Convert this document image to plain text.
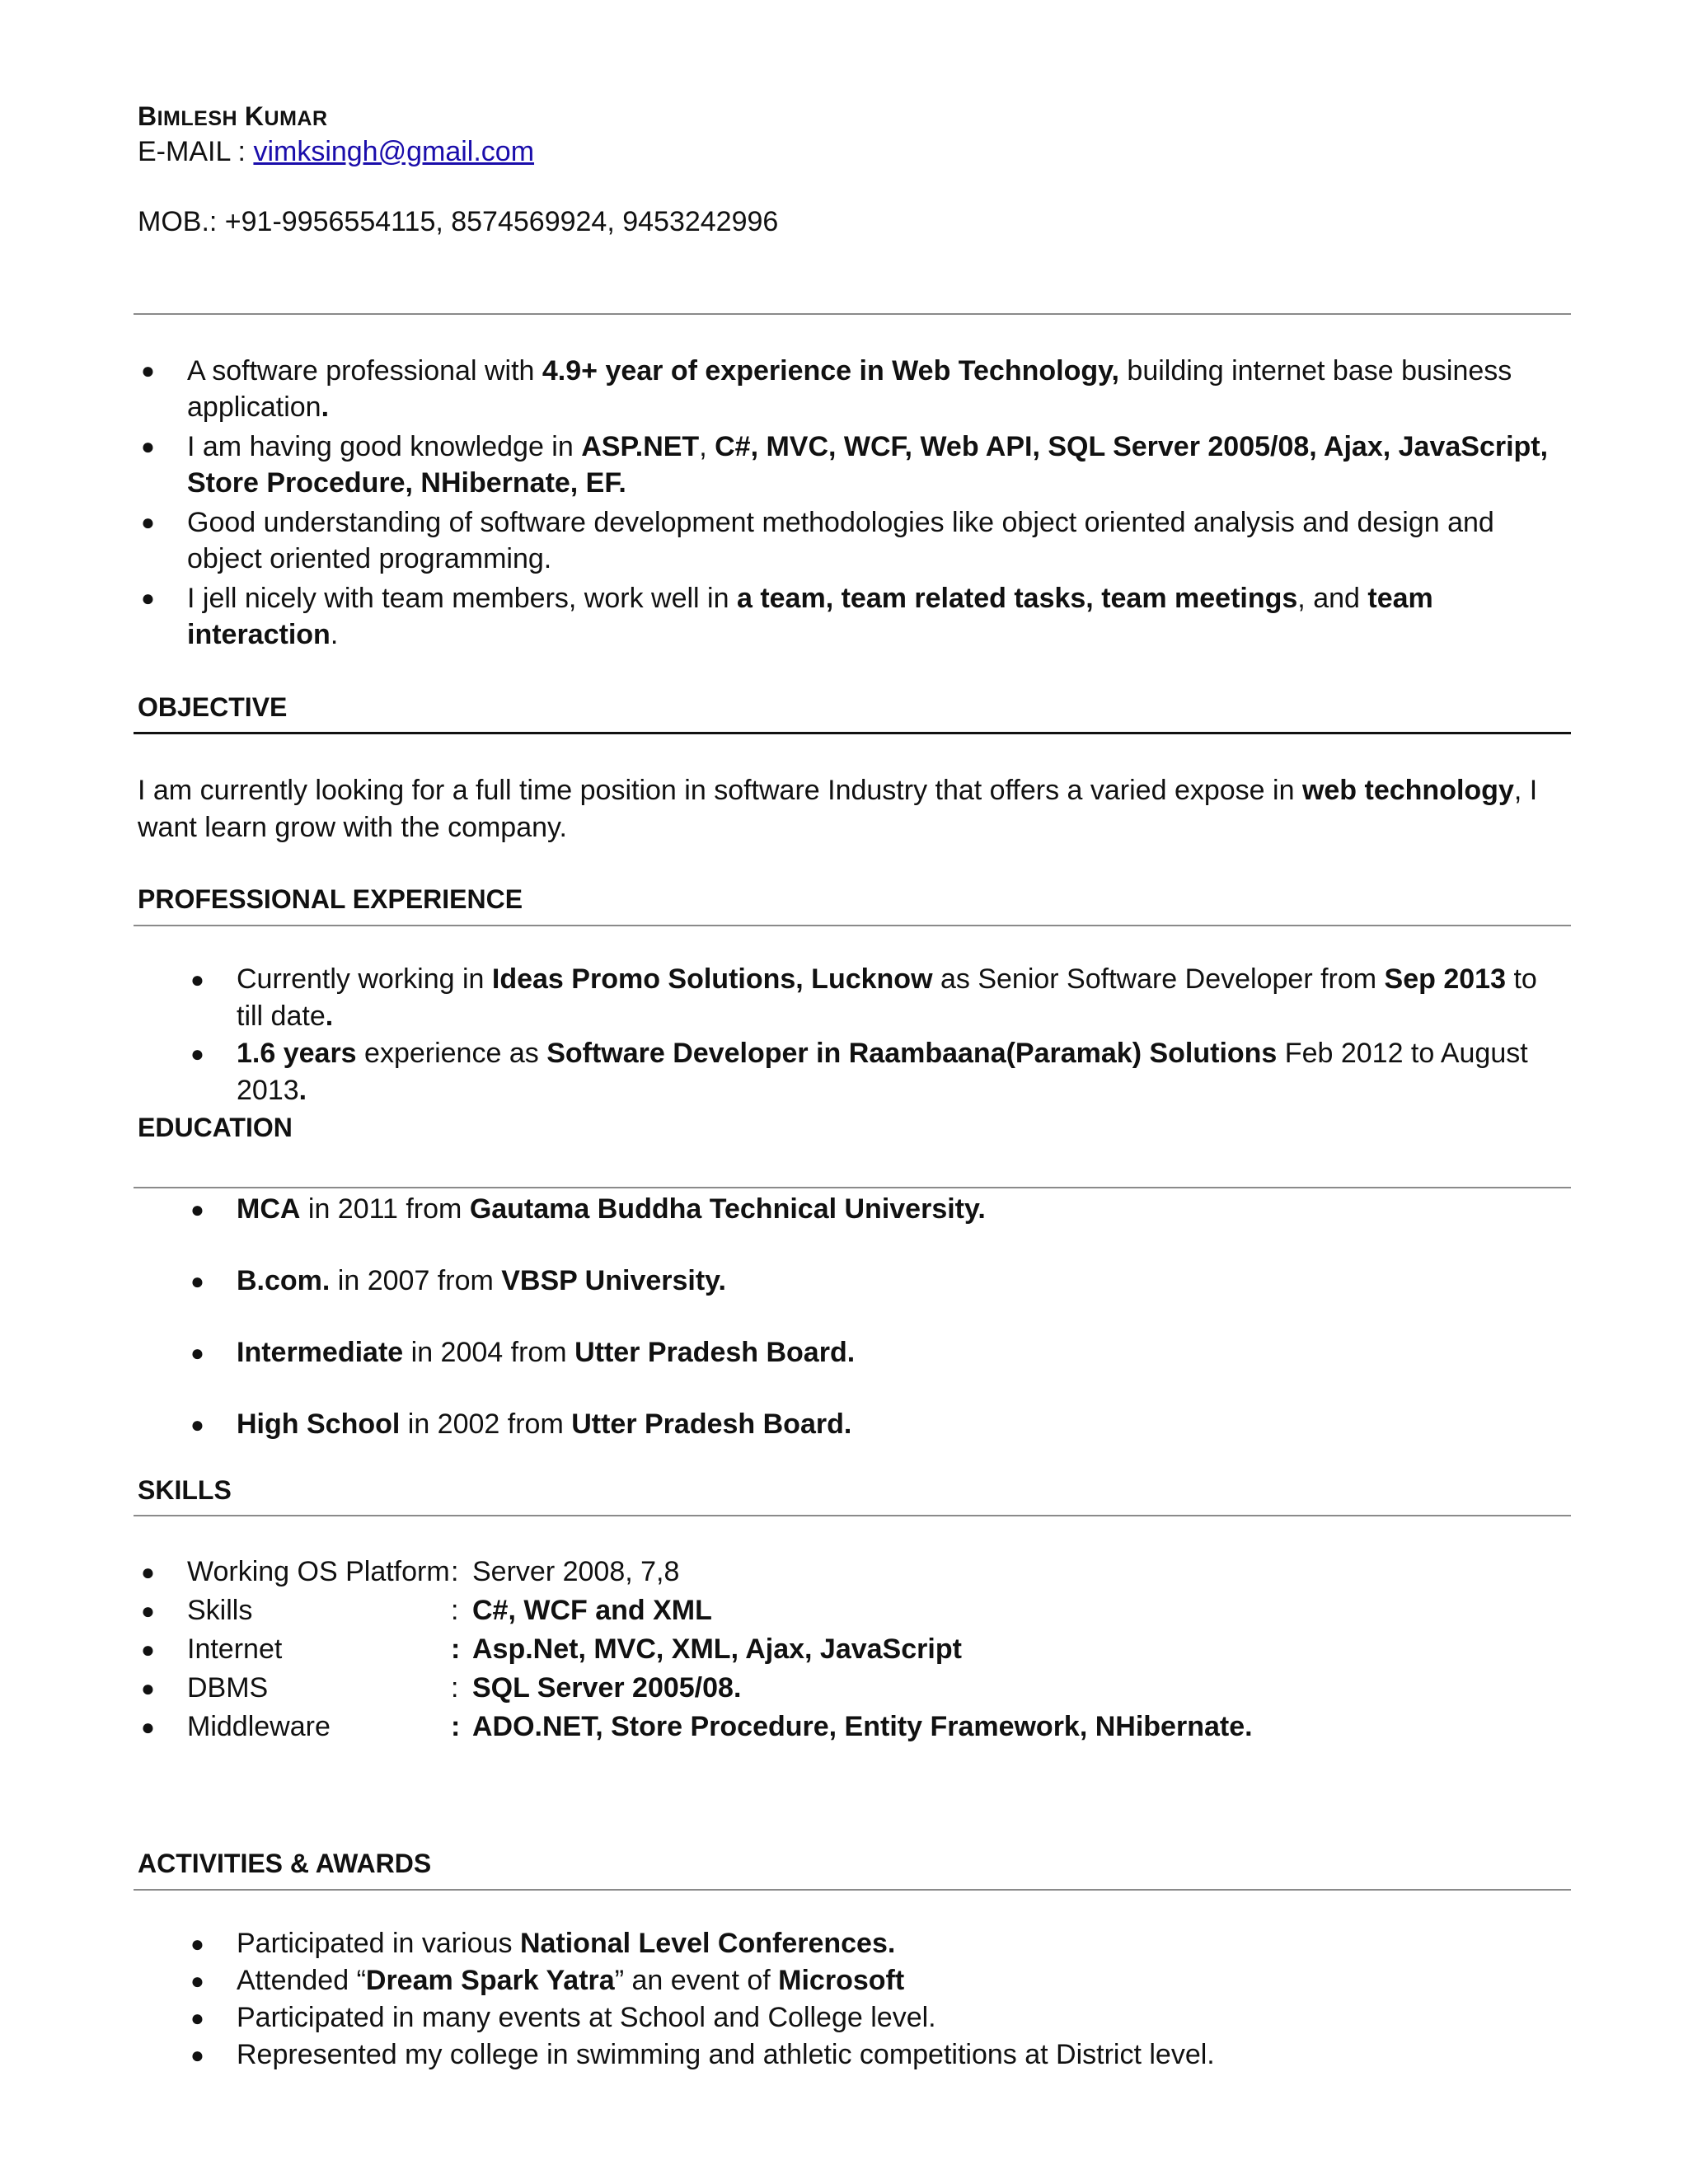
BIMLESH KUMAR
E-MAIL : vimksingh@gmail.com
MOB.: +91-9956554115, 8574569924, 9453242996
● A software professional with 4.9+ year of experience in Web Technology, building internet base business application.
● I am having good knowledge in ASP.NET, C#, MVC, WCF, Web API, SQL Server 2005/08, Ajax, JavaScript, Store Procedure, NHibernate, EF.
● Good understanding of software development methodologies like object oriented analysis and design and object oriented programming.
● I jell nicely with team members, work well in a team, team related tasks, team meetings, and team interaction.
OBJECTIVE
I am currently looking for a full time position in software Industry that offers a varied expose in web technology, I want learn grow with the company.
PROFESSIONAL EXPERIENCE
● Currently working in Ideas Promo Solutions, Lucknow as Senior Software Developer from Sep 2013 to till date.
● 1.6 years experience as Software Developer in Raambaana(Paramak) Solutions Feb 2012 to August 2013.
EDUCATION
● MCA in 2011 from Gautama Buddha Technical University.
● B.com. in 2007 from VBSP University.
● Intermediate in 2004 from Utter Pradesh Board.
● High School in 2002 from Utter Pradesh Board.
SKILLS
● Working OS Platform: Server 2008, 7,8
● Skills	: C#, WCF and XML
● Internet	: Asp.Net, MVC, XML, Ajax, JavaScript
● DBMS	: SQL Server 2005/08.
● Middleware	: ADO.NET, Store Procedure, Entity Framework, NHibernate.
ACTIVITIES & AWARDS
● Participated in various National Level Conferences.
● Attended “Dream Spark Yatra” an event of Microsoft
● Participated in many events at School and College level.
● Represented my college in swimming and athletic competitions at District level.
